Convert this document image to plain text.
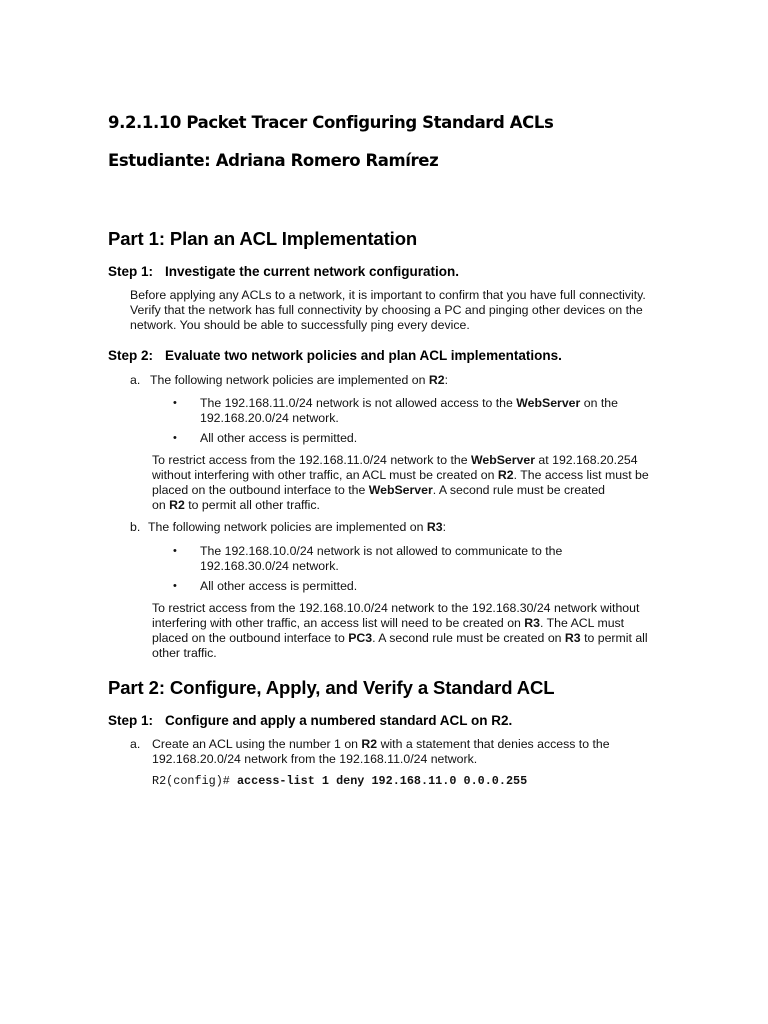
9.2.1.10 Packet Tracer Configuring Standard ACLs
Estudiante: Adriana Romero Ramírez
Part 1: Plan an ACL Implementation
Step 1: Investigate the current network configuration.
Before applying any ACLs to a network, it is important to confirm that you have full connectivity.
Verify that the network has full connectivity by choosing a PC and pinging other devices on the
network. You should be able to successfully ping every device.
Step 2: Evaluate two network policies and plan ACL implementations.
a. The following network policies are implemented on R2:
• The 192.168.11.0/24 network is not allowed access to the WebServer on the
192.168.20.0/24 network.
• All other access is permitted.
To restrict access from the 192.168.11.0/24 network to the WebServer at 192.168.20.254
without interfering with other traffic, an ACL must be created on R2. The access list must be
placed on the outbound interface to the WebServer. A second rule must be created
on R2 to permit all other traffic.
b. The following network policies are implemented on R3:
• The 192.168.10.0/24 network is not allowed to communicate to the
192.168.30.0/24 network.
• All other access is permitted.
To restrict access from the 192.168.10.0/24 network to the 192.168.30/24 network without
interfering with other traffic, an access list will need to be created on R3. The ACL must
placed on the outbound interface to PC3. A second rule must be created on R3 to permit all
other traffic.
Part 2: Configure, Apply, and Verify a Standard ACL
Step 1: Configure and apply a numbered standard ACL on R2.
a. Create an ACL using the number 1 on R2 with a statement that denies access to the
192.168.20.0/24 network from the 192.168.11.0/24 network.
R2(config)# access-list 1 deny 192.168.11.0 0.0.0.255
